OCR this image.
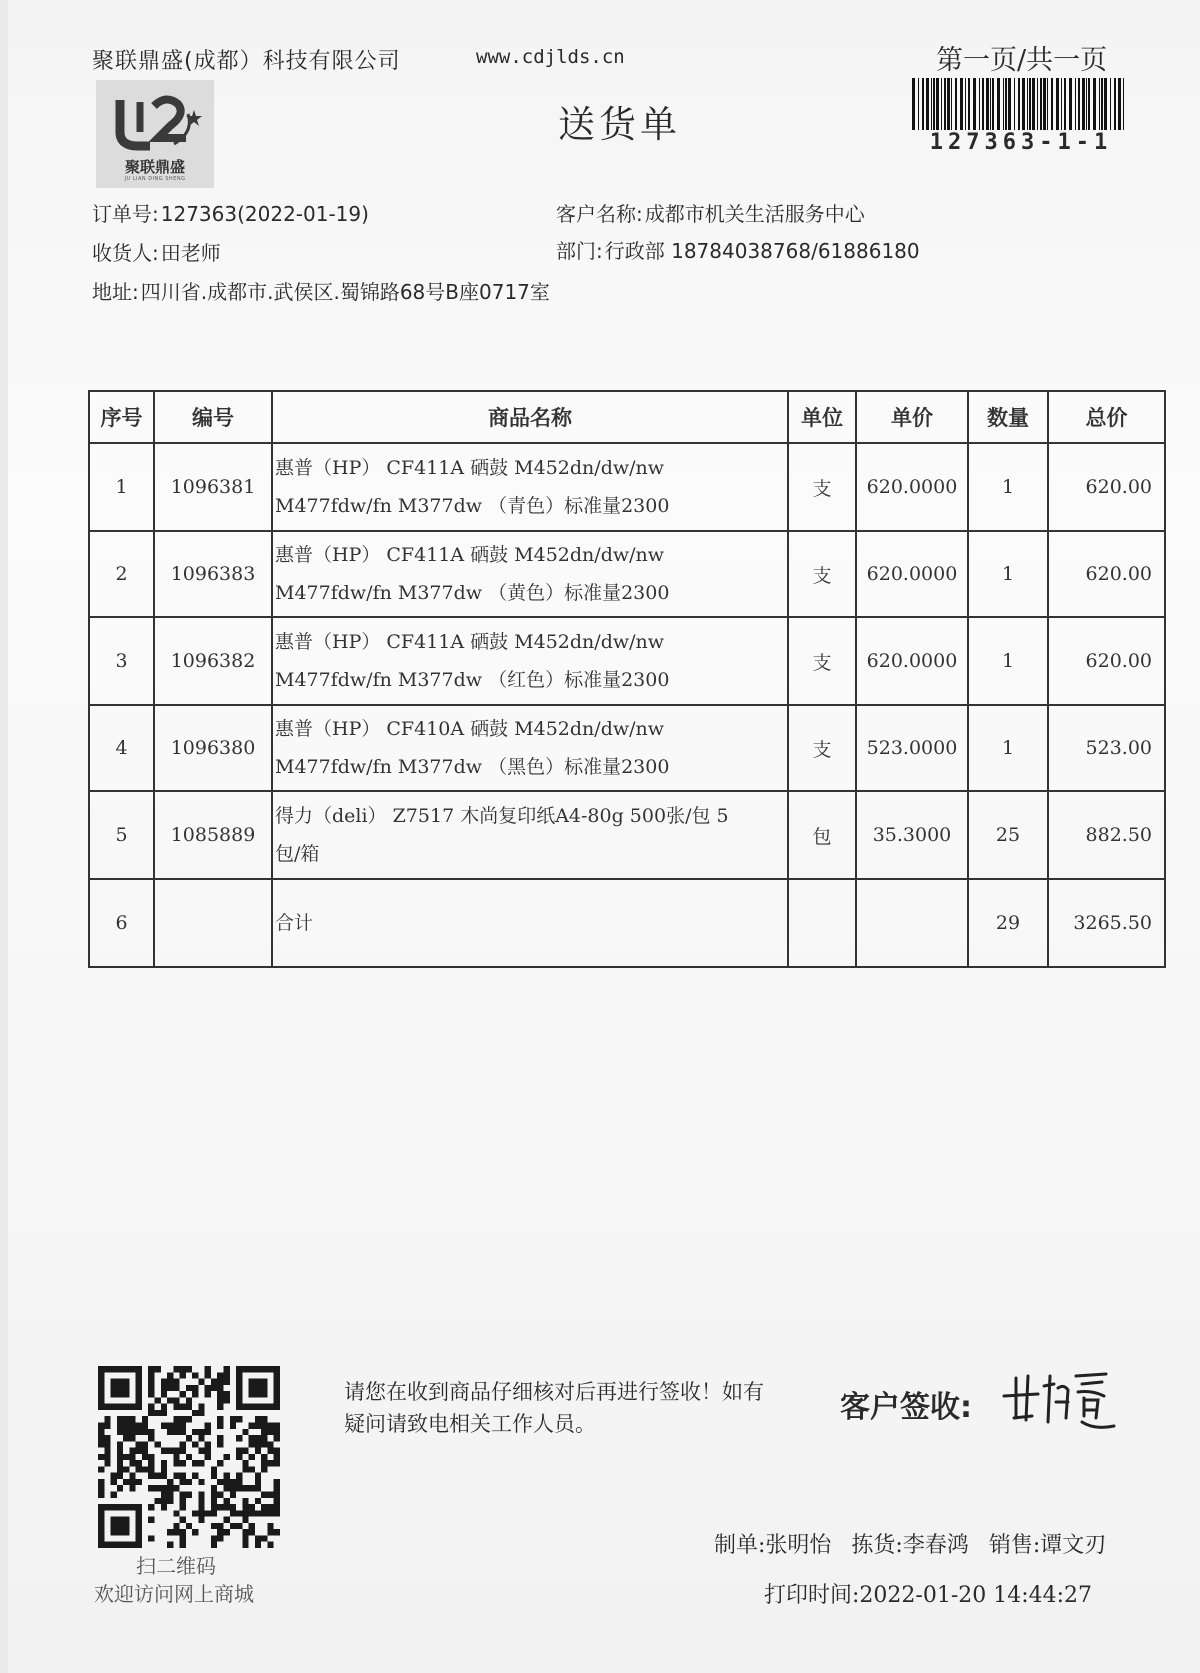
聚联鼎盛(成都）科技有限公司	www.cdjlds.cn	第一页/共一页
127363-1-1
聚联鼎盛
JU LIAN DING SHENG
送货单
订单号: 127363(2022-01-19)	客户名称: 成都市机关生活服务中心
收货人: 田老师	部门: 行政部 18784038768/61886180
地址: 四川省.成都市.武侯区.蜀锦路68号B座0717室
序号	编号	商品名称	单位	单价	数量	总价
1	1096381	惠普（HP） CF411A 硒鼓 M452dn/dw/nw
M477fdw/fn M377dw （青色）标准量2300	支	620.0000	1	620.00
2	1096383	惠普（HP） CF411A 硒鼓 M452dn/dw/nw
M477fdw/fn M377dw （黄色）标准量2300	支	620.0000	1	620.00
3	1096382	惠普（HP） CF411A 硒鼓 M452dn/dw/nw
M477fdw/fn M377dw （红色）标准量2300	支	620.0000	1	620.00
4	1096380	惠普（HP） CF410A 硒鼓 M452dn/dw/nw
M477fdw/fn M377dw （黑色）标准量2300	支	523.0000	1	523.00
5	1085889	得力（deli） Z7517 木尚复印纸A4-80g 500张/包 5
包/箱	包	35.3000	25	882.50
6		合计			29	3265.50
扫二维码
欢迎访问网上商城
请您在收到商品仔细核对后再进行签收！如有疑问请致电相关工作人员。	客户签收:
制单:张明怡 拣货:李春鸿 销售:谭文刃
打印时间:2022-01-20 14:44:27
